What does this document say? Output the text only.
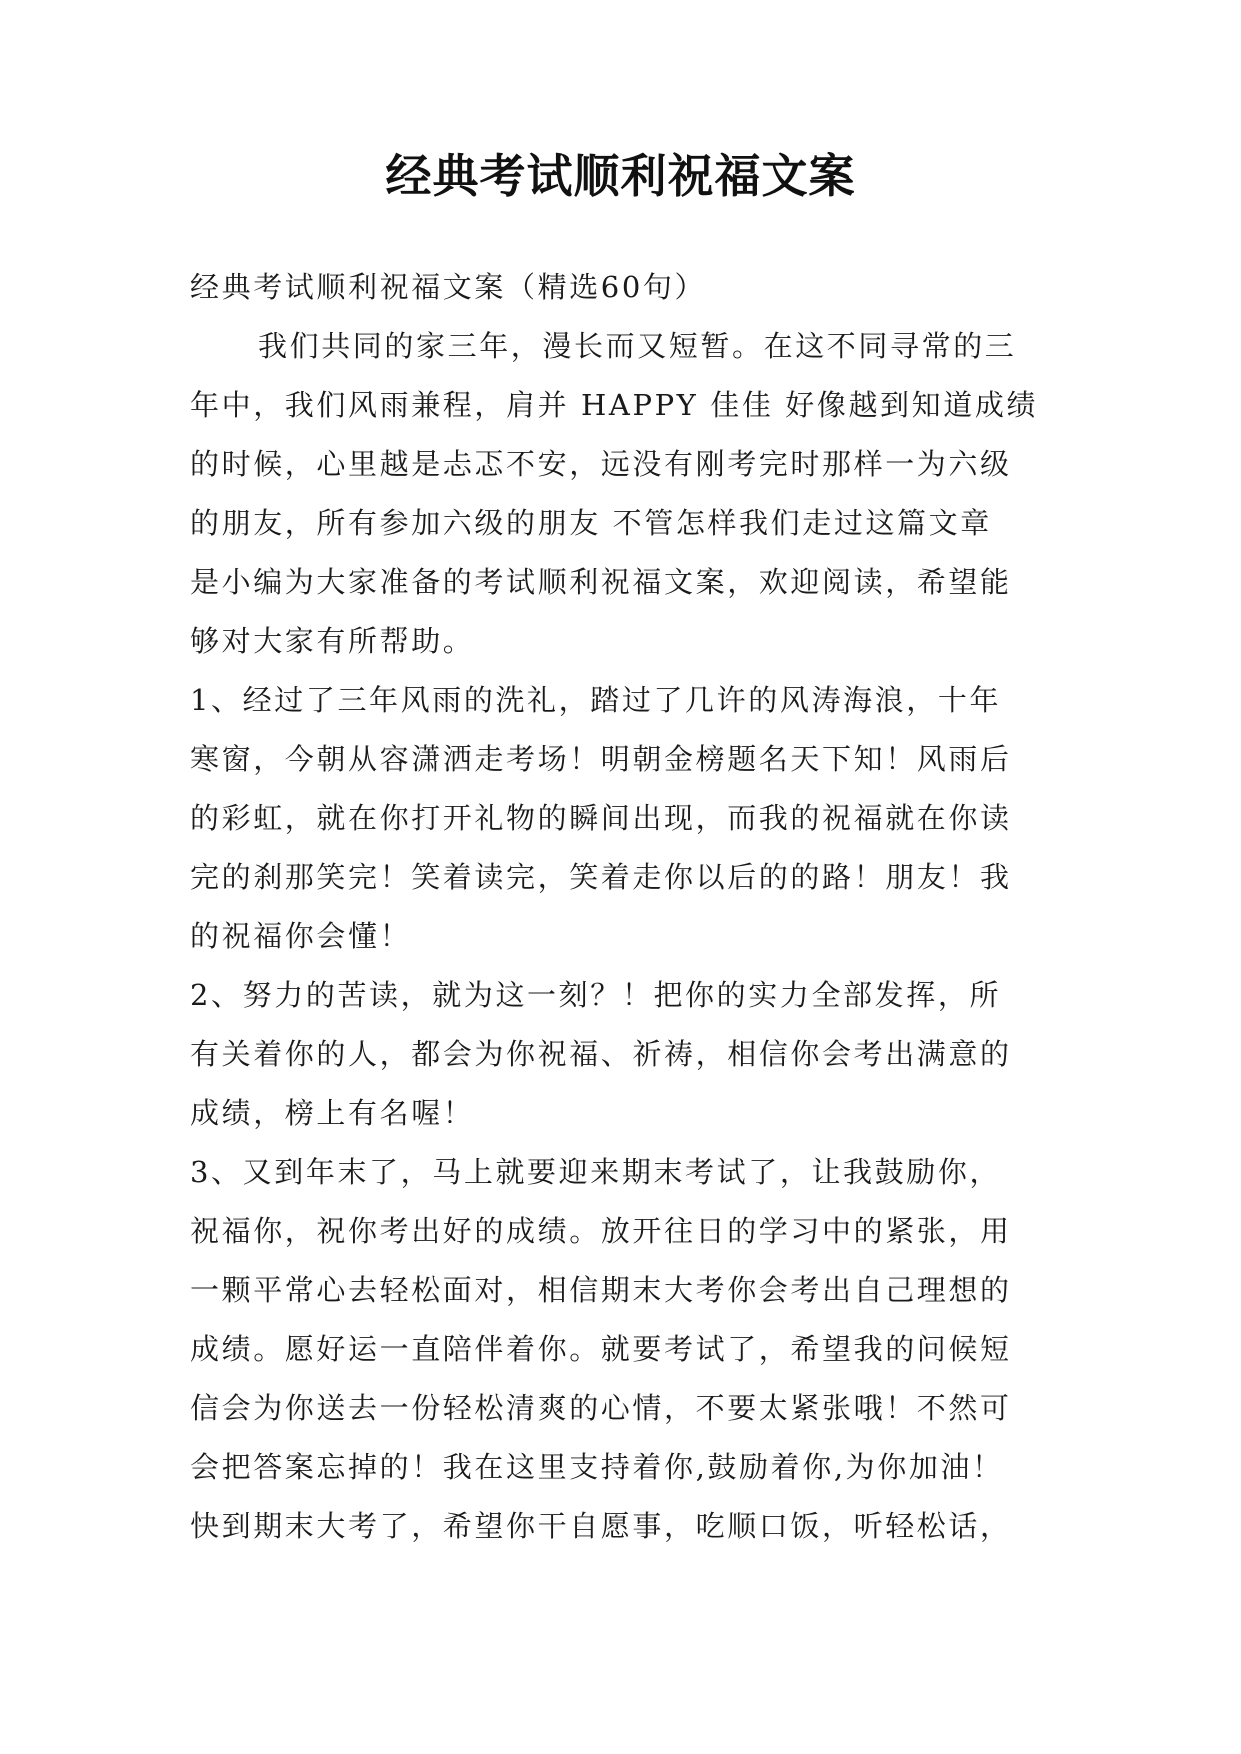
经典考试顺利祝福文案
经典考试顺利祝福文案（精选60句）
我们共同的家三年，漫长而又短暂。在这不同寻常的三
年中，我们风雨兼程，肩并 HAPPY 佳佳 好像越到知道成绩
的时候，心里越是忐忑不安，远没有刚考完时那样一为六级
的朋友，所有参加六级的朋友 不管怎样我们走过这篇文章
是小编为大家准备的考试顺利祝福文案，欢迎阅读，希望能
够对大家有所帮助。
1、经过了三年风雨的洗礼，踏过了几许的风涛海浪，十年
寒窗，今朝从容潇洒走考场！明朝金榜题名天下知！风雨后
的彩虹，就在你打开礼物的瞬间出现，而我的祝福就在你读
完的刹那笑完！笑着读完，笑着走你以后的的路！朋友！我
的祝福你会懂！
2、努力的苦读，就为这一刻？！把你的实力全部发挥，所
有关着你的人，都会为你祝福、祈祷，相信你会考出满意的
成绩，榜上有名喔！
3、又到年末了，马上就要迎来期末考试了，让我鼓励你，
祝福你，祝你考出好的成绩。放开往日的学习中的紧张，用
一颗平常心去轻松面对，相信期末大考你会考出自己理想的
成绩。愿好运一直陪伴着你。就要考试了，希望我的问候短
信会为你送去一份轻松清爽的心情，不要太紧张哦！不然可
会把答案忘掉的！我在这里支持着你,鼓励着你,为你加油！
快到期末大考了，希望你干自愿事，吃顺口饭，听轻松话，
